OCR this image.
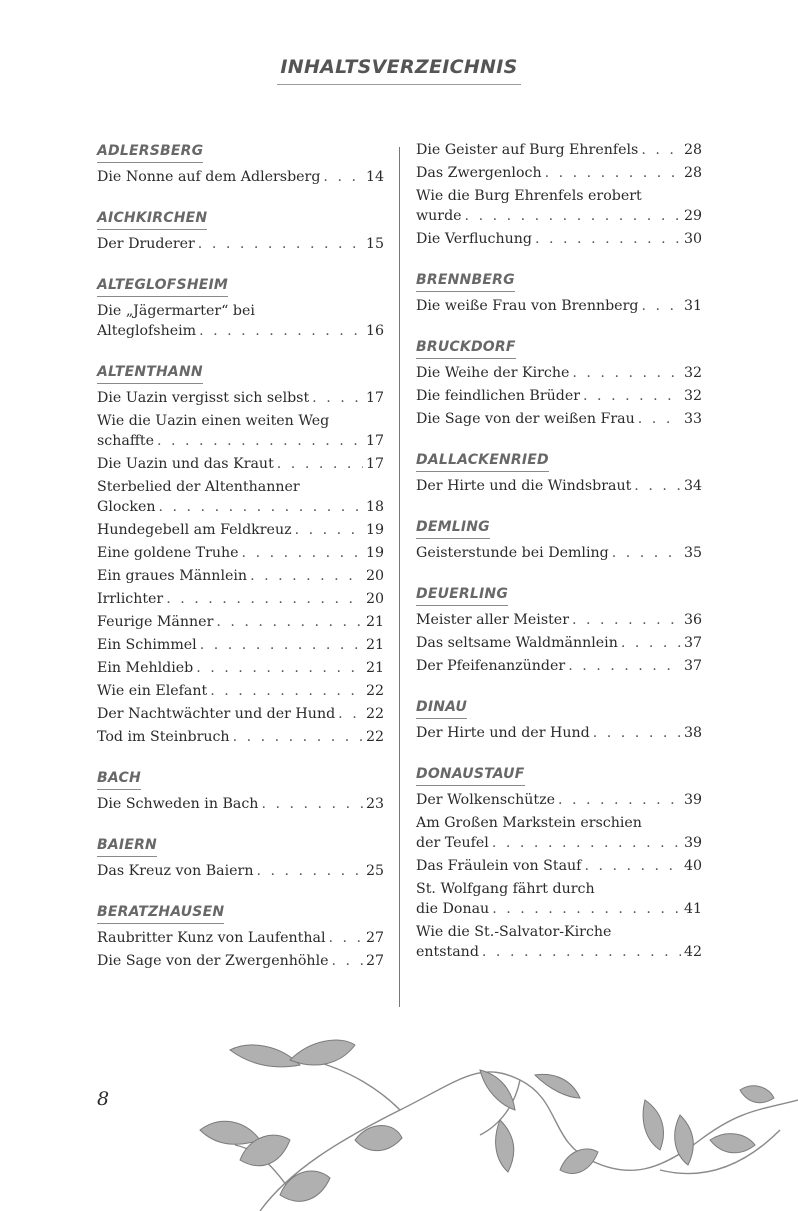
INHALTSVERZEICHNIS
ADLERSBERG
Die Nonne auf dem Adlersberg . . .	14
AICHKIRCHEN
Der Druderer . . .	15
ALTEGLOFSHEIM
Die „Jägermarter“ bei
Alteglofsheim . . .	16
ALTENTHANN
Die Uazin vergisst sich selbst . . .	17
Wie die Uazin einen weiten Weg
schaffte . . .	17
Die Uazin und das Kraut . . .	17
Sterbelied der Altenthanner
Glocken . . .	18
Hundegebell am Feldkreuz . . .	19
Eine goldene Truhe . . .	19
Ein graues Männlein . . .	20
Irrlichter . . .	20
Feurige Männer . . .	21
Ein Schimmel . . .	21
Ein Mehldieb . . .	21
Wie ein Elefant . . .	22
Der Nachtwächter und der Hund . . . 22
Tod im Steinbruch . . .	22
BACH
Die Schweden in Bach . . .	23
BAIERN
Das Kreuz von Baiern . . .	25
BERATZHAUSEN
Raubritter Kunz von Laufenthal . . .	27
Die Sage von der Zwergenhöhle . . .	27
Die Geister auf Burg Ehrenfels . . .	28
Das Zwergenloch . . .	28
Wie die Burg Ehrenfels erobert
wurde . . .	29
Die Verfluchung . . .	30
BRENNBERG
Die weiße Frau von Brennberg . . .	31
BRUCKDORF
Die Weihe der Kirche . . .	32
Die feindlichen Brüder . . .	32
Die Sage von der weißen Frau . . .	33
DALLACKENRIED
Der Hirte und die Windsbraut . . .	34
DEMLING
Geisterstunde bei Demling . . .	35
DEUERLING
Meister aller Meister . . .	36
Das seltsame Waldmännlein . . .	37
Der Pfeifenanzünder . . .	37
DINAU
Der Hirte und der Hund . . .	38
DONAUSTAUF
Der Wolkenschütze . . .	39
Am Großen Markstein erschien
der Teufel . . .	39
Das Fräulein von Stauf . . .	40
St. Wolfgang fährt durch
die Donau . . .	41
Wie die St.-Salvator-Kirche
entstand . . .	42
8
